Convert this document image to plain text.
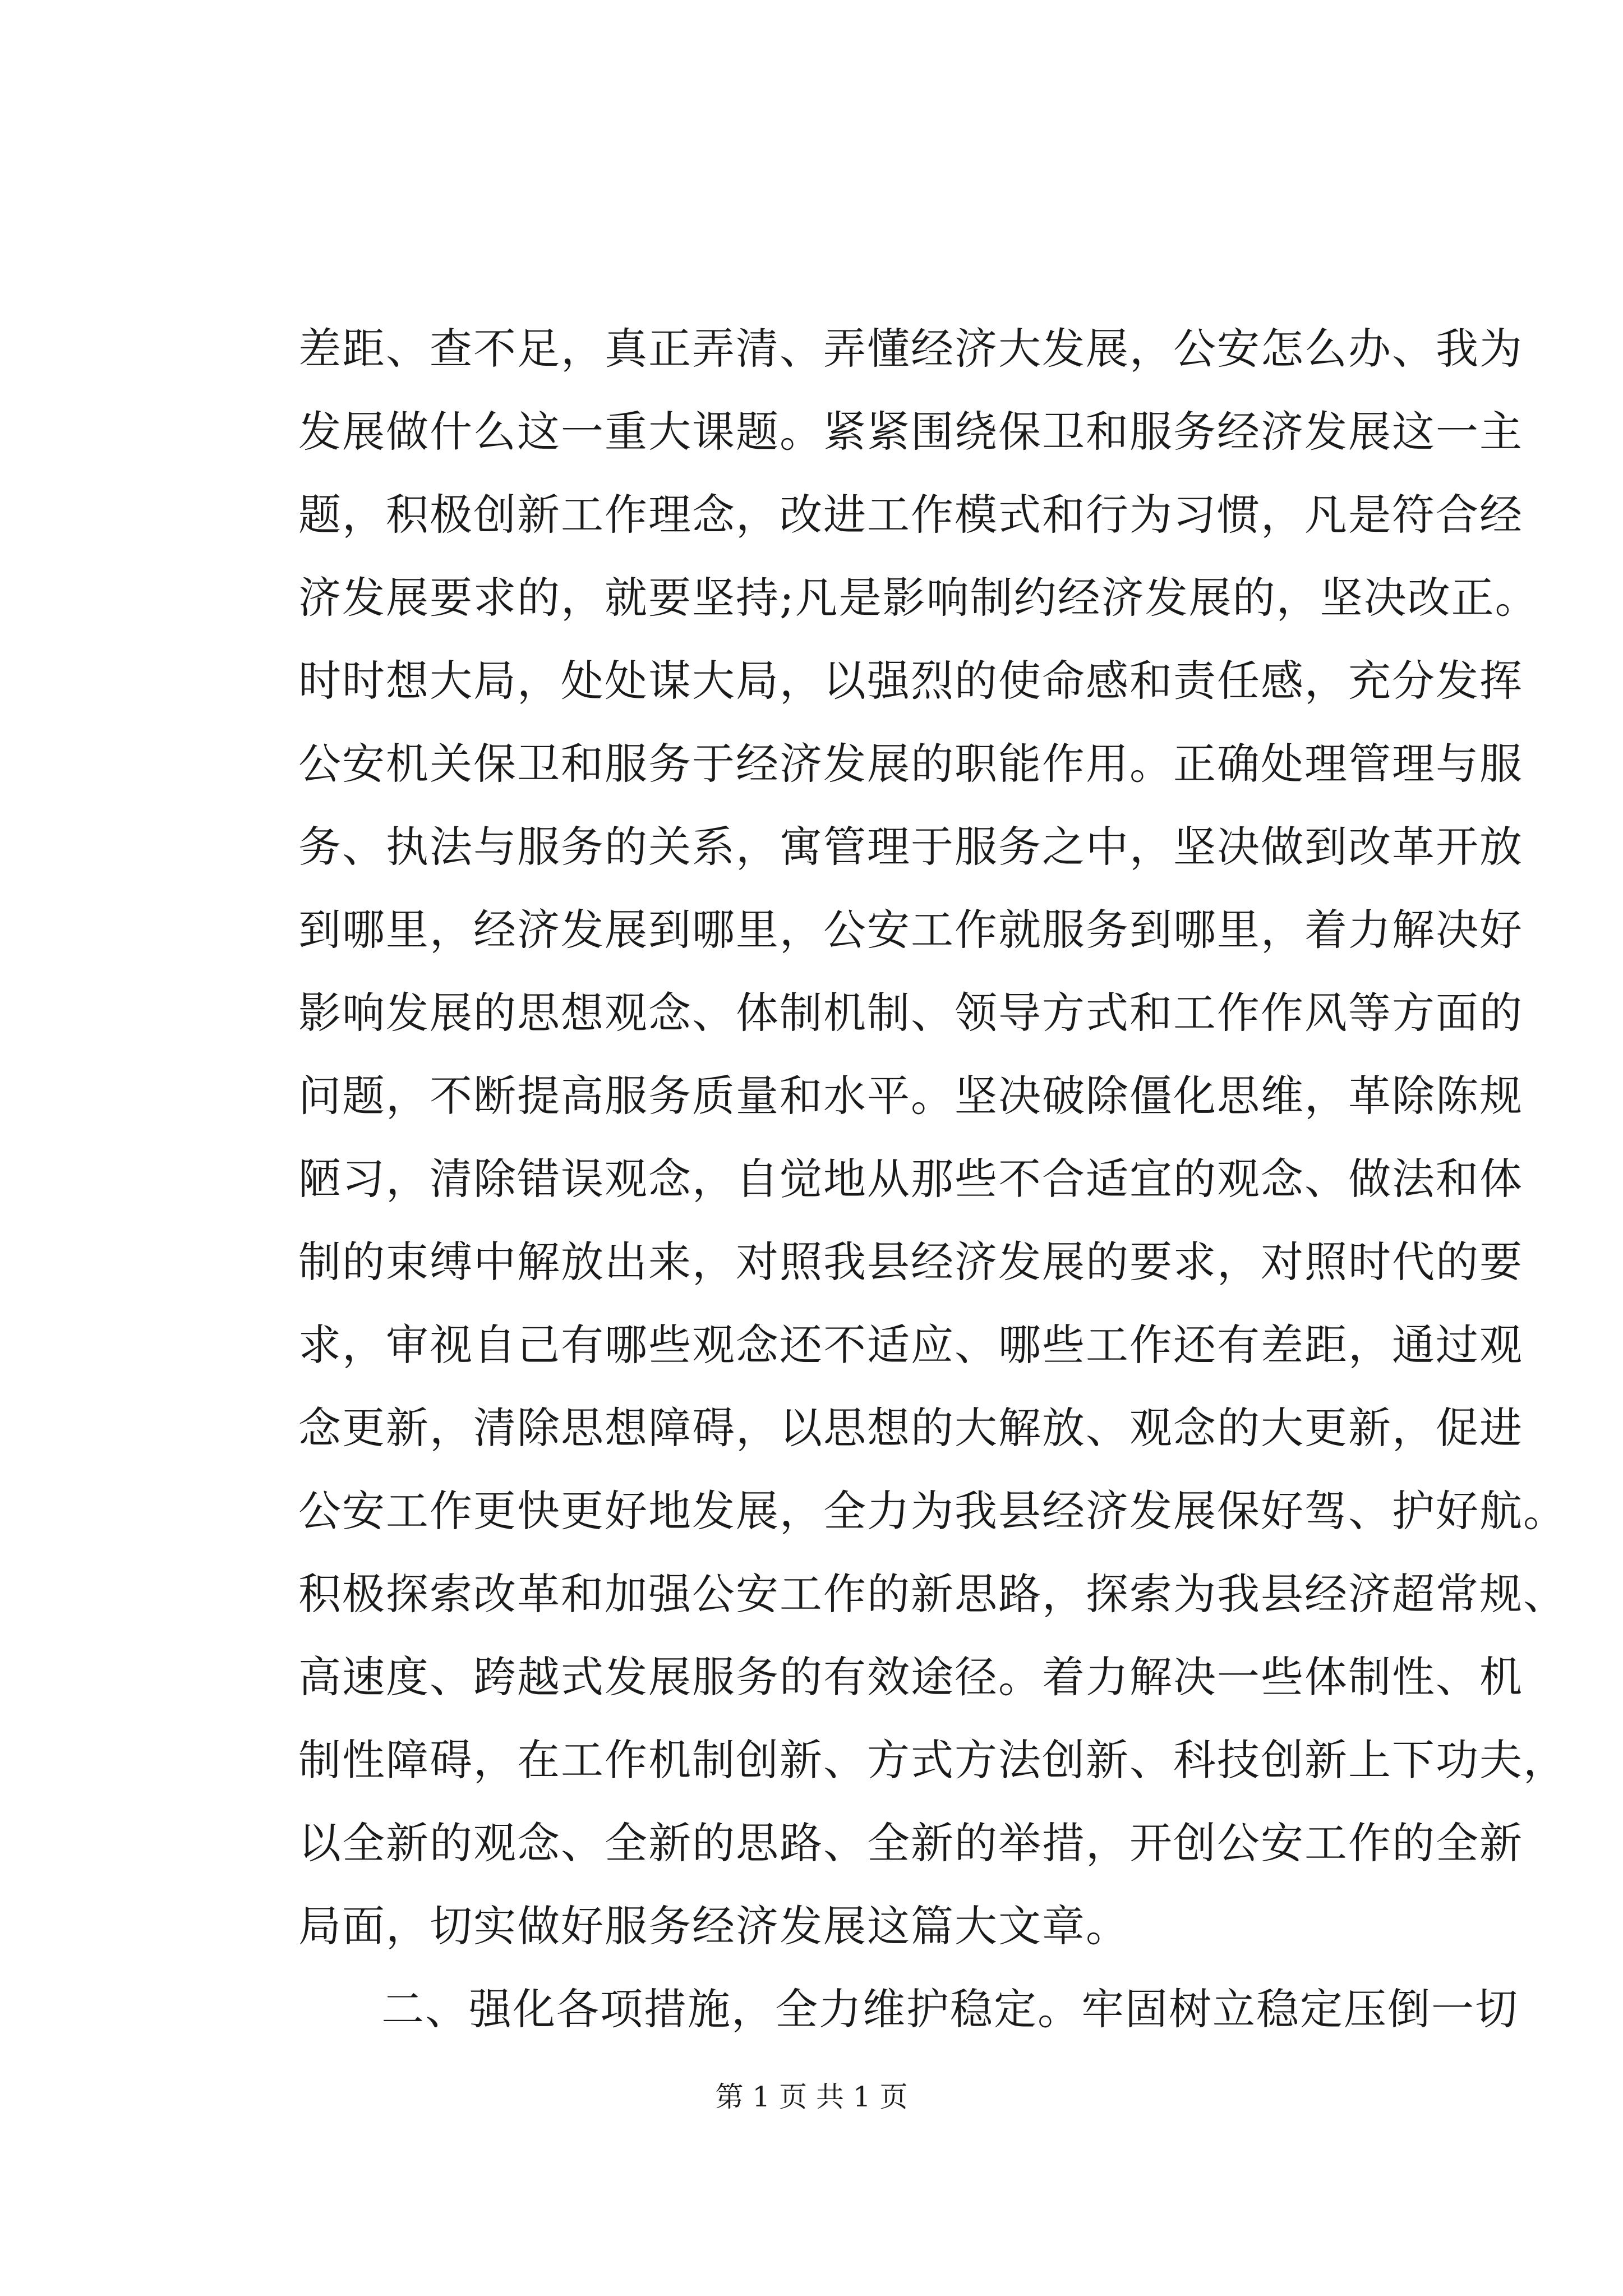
差距、查不足，真正弄清、弄懂经济大发展，公安怎么办、我为
发展做什么这一重大课题。紧紧围绕保卫和服务经济发展这一主
题，积极创新工作理念，改进工作模式和行为习惯，凡是符合经
济发展要求的，就要坚持;凡是影响制约经济发展的，坚决改正。
时时想大局，处处谋大局，以强烈的使命感和责任感，充分发挥
公安机关保卫和服务于经济发展的职能作用。正确处理管理与服
务、执法与服务的关系，寓管理于服务之中，坚决做到改革开放
到哪里，经济发展到哪里，公安工作就服务到哪里，着力解决好
影响发展的思想观念、体制机制、领导方式和工作作风等方面的
问题，不断提高服务质量和水平。坚决破除僵化思维，革除陈规
陋习，清除错误观念，自觉地从那些不合适宜的观念、做法和体
制的束缚中解放出来，对照我县经济发展的要求，对照时代的要
求，审视自己有哪些观念还不适应、哪些工作还有差距，通过观
念更新，清除思想障碍，以思想的大解放、观念的大更新，促进
公安工作更快更好地发展，全力为我县经济发展保好驾、护好航。
积极探索改革和加强公安工作的新思路，探索为我县经济超常规、
高速度、跨越式发展服务的有效途径。着力解决一些体制性、机
制性障碍，在工作机制创新、方式方法创新、科技创新上下功夫，
以全新的观念、全新的思路、全新的举措，开创公安工作的全新
局面，切实做好服务经济发展这篇大文章。
二、强化各项措施，全力维护稳定。牢固树立稳定压倒一切
第 1 页 共 1 页
